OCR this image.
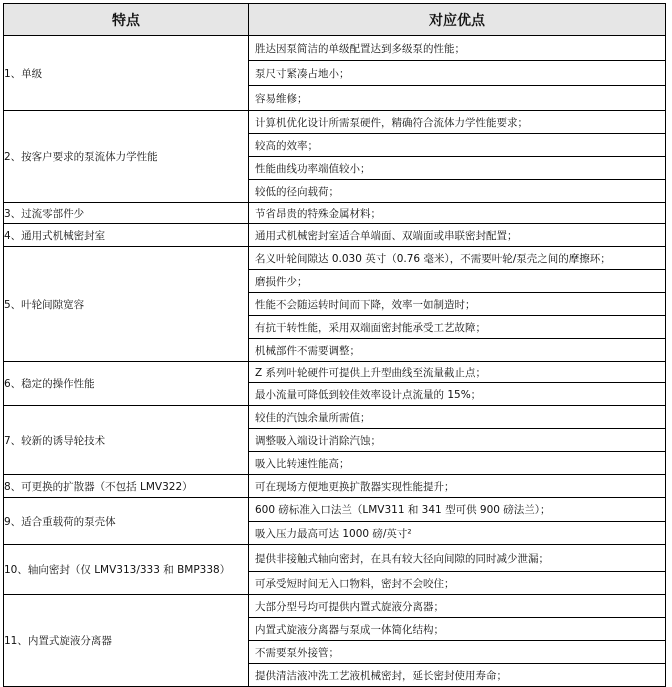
特点	对应优点
1、单级	胜达因泵简洁的单级配置达到多级泵的性能；
泵尺寸紧凑占地小；
容易维修；

2、按客户要求的泵流体力学性能	计算机优化设计所需泵硬件，精确符合流体力学性能要求；
较高的效率；
性能曲线功率端值较小；
较低的径向载荷；

3、过流零部件少	节省昂贵的特殊金属材料；

4、通用式机械密封室	通用式机械密封室适合单端面、双端面或串联密封配置；

5、叶轮间隙宽容	名义叶轮间隙达 0.030 英寸（0.76 毫米），不需要叶轮/泵壳之间的摩擦环；
磨损件少；
性能不会随运转时间而下降，效率一如制造时；
有抗干转性能，采用双端面密封能承受工艺故障；
机械部件不需要调整；

6、稳定的操作性能	Z 系列叶轮硬件可提供上升型曲线至流量截止点；
最小流量可降低到较佳效率设计点流量的 15%；

7、较新的诱导轮技术	较佳的汽蚀余量所需值；
调整吸入端设计消除汽蚀；
吸入比转速性能高；

8、可更换的扩散器（不包括 LMV322）	可在现场方便地更换扩散器实现性能提升；

9、适合重载荷的泵壳体	600 磅标准入口法兰（LMV311 和 341 型可供 900 磅法兰）；
吸入压力最高可达 1000 磅/英寸²

10、轴向密封（仅 LMV313/333 和 BMP338）	提供非接触式轴向密封，在具有较大径向间隙的同时减少泄漏；
可承受短时间无入口物料，密封不会咬住；

11、内置式旋液分离器	大部分型号均可提供内置式旋液分离器；
内置式旋液分离器与泵成一体简化结构；
不需要泵外接管；
提供清洁液冲洗工艺液机械密封，延长密封使用寿命；
